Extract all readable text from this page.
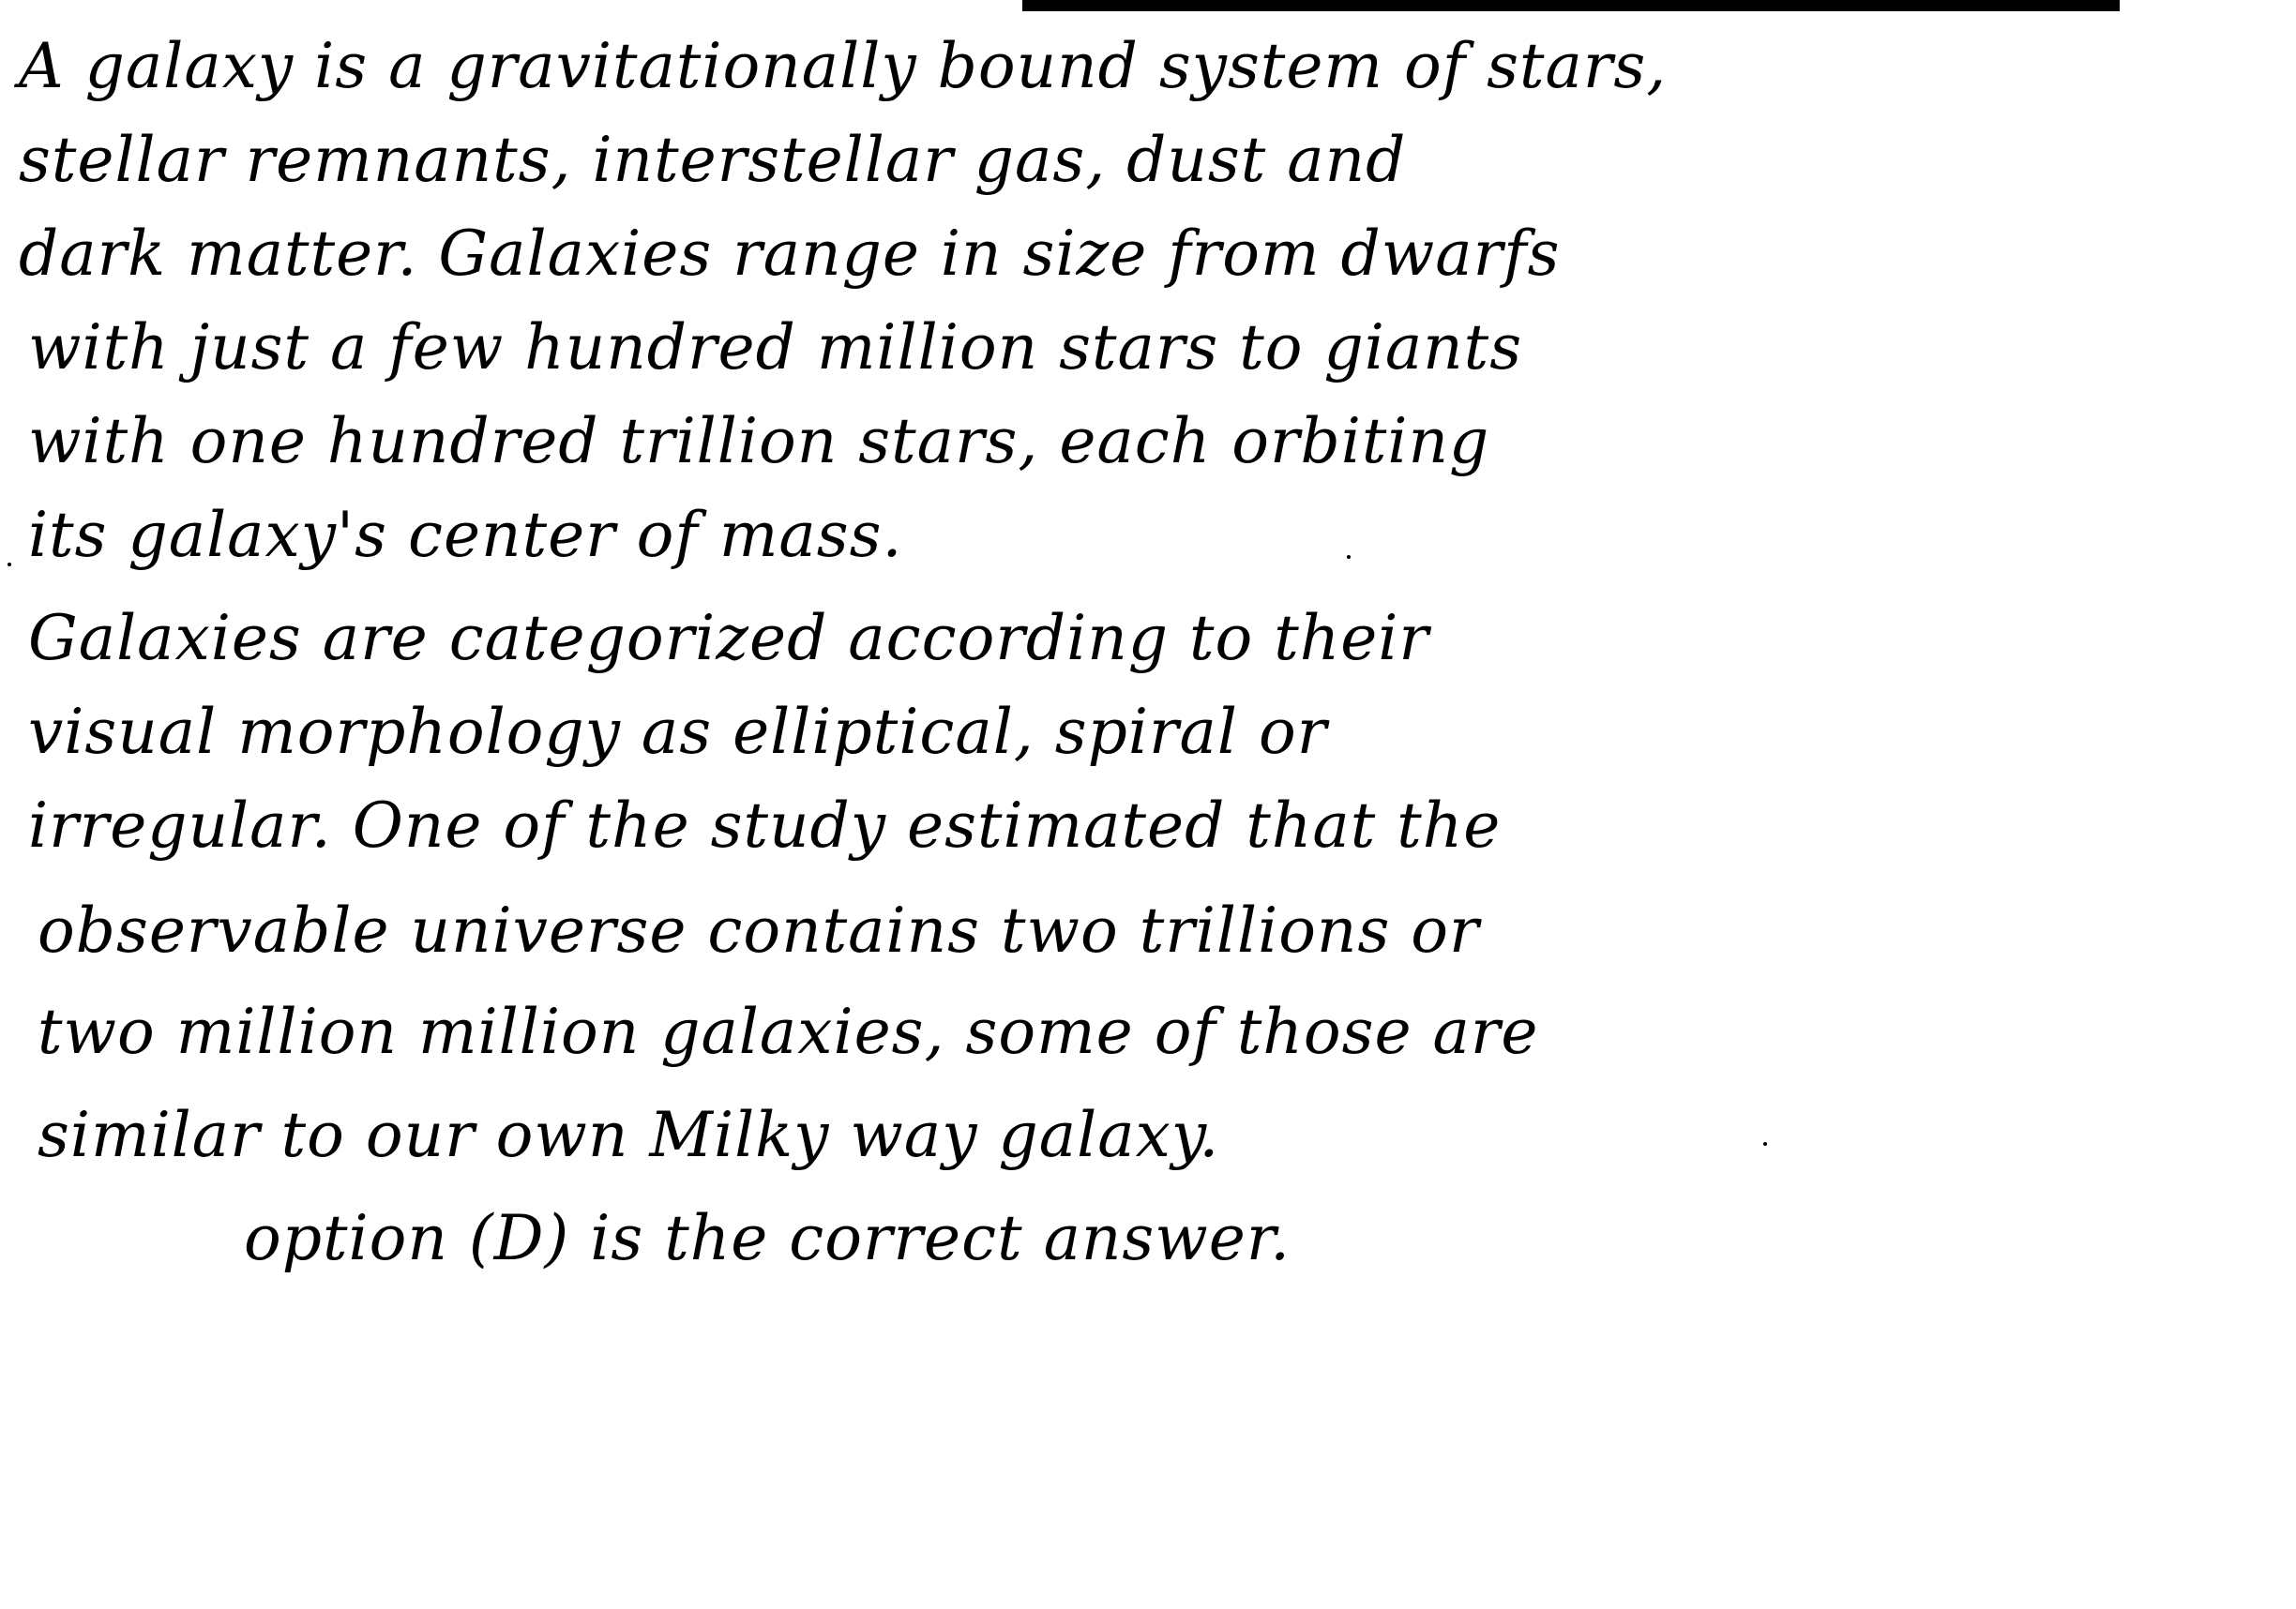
A galaxy is a gravitationally bound system of stars,
stellar remnants, interstellar gas, dust and
dark matter. Galaxies range in size from dwarfs
with just a few hundred million stars to giants
with one hundred trillion stars, each orbiting
its galaxy's center of mass.
Galaxies are categorized according to their
visual morphology as elliptical, spiral or
irregular. One of the study estimated that the
observable universe contains two trillions or
two million million galaxies, some of those are
similar to our own Milky way galaxy.
option (D) is the correct answer.
